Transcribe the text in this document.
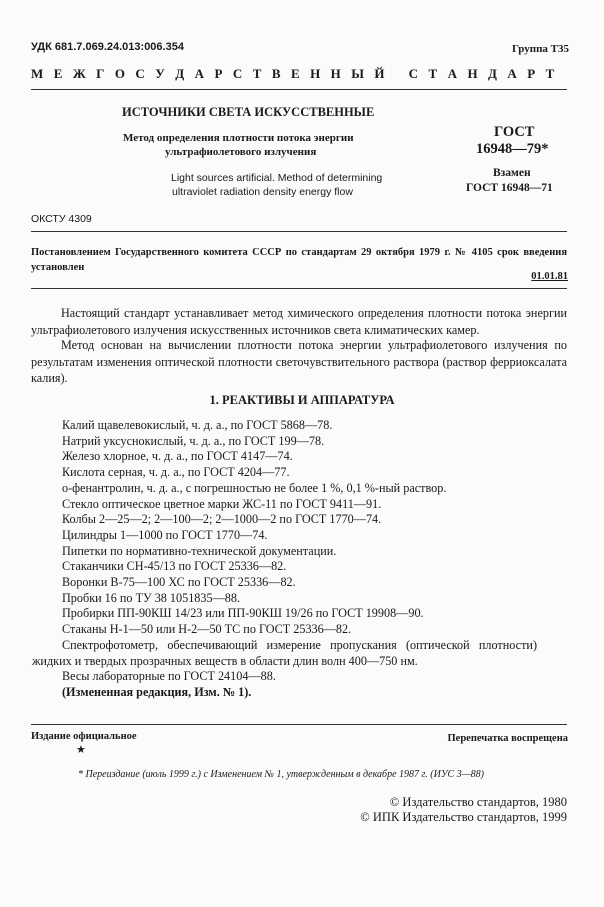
УДК 681.7.069.24.013:006.354	Группа Т35
М Е Ж Г О С У Д А Р С Т В Е Н Н Ы Й   С Т А Н Д А Р Т
ИСТОЧНИКИ СВЕТА ИСКУССТВЕННЫЕ
Метод определения плотности потока энергии
ультрафиолетового излучения
Light sources artificial. Method of determining
ultraviolet radiation density energy flow
ГОСТ
16948—79*
Взамен
ГОСТ 16948—71
ОКСТУ 4309
Постановлением Государственного комитета СССР по стандартам 29 октября 1979 г. № 4105 срок введения установлен
01.01.81
Настоящий стандарт устанавливает метод химического определения плотности потока энергии ультрафиолетового излучения искусственных источников света климатических камер.
Метод основан на вычислении плотности потока энергии ультрафиолетового излучения по результатам изменения оптической плотности светочувствительного раствора (раствор ферриоксалата калия).
1. РЕАКТИВЫ И АППАРАТУРА
Калий щавелевокислый, ч. д. а., по ГОСТ 5868—78.
Натрий уксуснокислый, ч. д. а., по ГОСТ 199—78.
Железо хлорное, ч. д. а., по ГОСТ 4147—74.
Кислота серная, ч. д. а., по ГОСТ 4204—77.
о-фенантролин, ч. д. а., с погрешностью не более 1 %, 0,1 %-ный раствор.
Стекло оптическое цветное марки ЖС-11 по ГОСТ 9411—91.
Колбы 2—25—2; 2—100—2; 2—1000—2 по ГОСТ 1770—74.
Цилиндры 1—1000 по ГОСТ 1770—74.
Пипетки по нормативно-технической документации.
Стаканчики СН-45/13 по ГОСТ 25336—82.
Воронки В-75—100 ХС по ГОСТ 25336—82.
Пробки 16 по ТУ 38 1051835—88.
Пробирки ПП-90КШ 14/23 или ПП-90КШ 19/26 по ГОСТ 19908—90.
Стаканы Н-1—50 или Н-2—50 ТС по ГОСТ 25336—82.
Спектрофотометр, обеспечивающий измерение пропускания (оптической плотности) жидких и твердых прозрачных веществ в области длин волн 400—750 нм.
Весы лабораторные по ГОСТ 24104—88.
(Измененная редакция, Изм. № 1).
Издание официальное
★
Перепечатка воспрещена
* Переиздание (июль 1999 г.) с Изменением № 1, утвержденным в декабре 1987 г. (ИУС 3—88)
© Издательство стандартов, 1980
© ИПК Издательство стандартов, 1999
